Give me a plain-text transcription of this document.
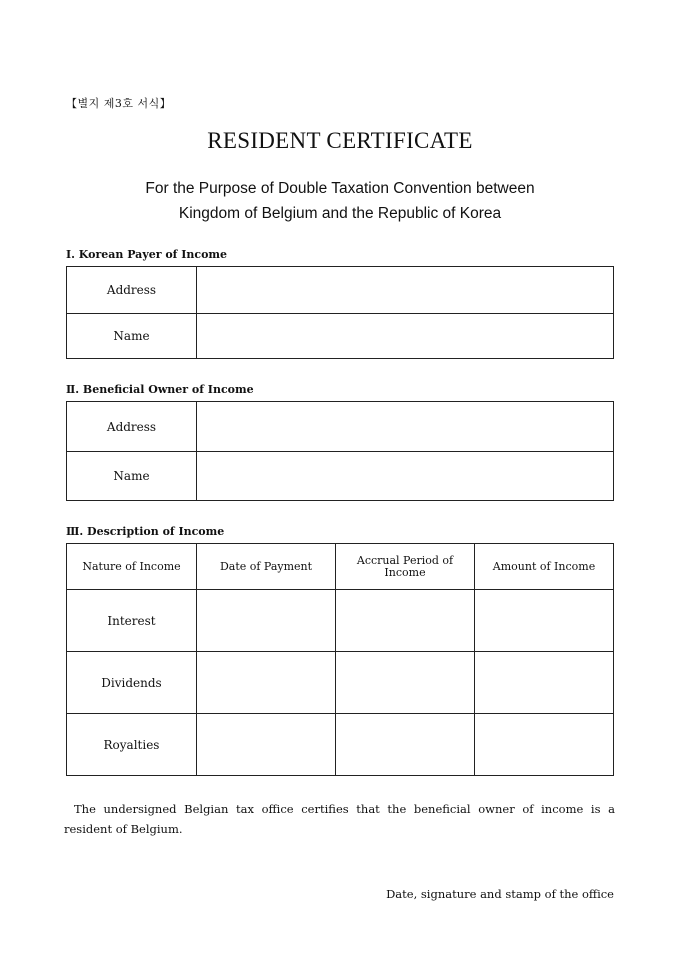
【별지 제3호 서식】
RESIDENT CERTIFICATE
For the Purpose of Double Taxation Convention between
Kingdom of Belgium and the Republic of Korea
Ⅰ. Korean Payer of Income
Address	
Name	
Ⅱ. Beneficial Owner of Income
Address	
Name	
Ⅲ. Description of Income
Nature of Income	Date of Payment	Accrual Period of Income	Amount of Income
Interest			
Dividends			
Royalties			
The undersigned Belgian tax office certifies that the beneficial owner of income is a resident of Belgium.
Date, signature and stamp of the office
